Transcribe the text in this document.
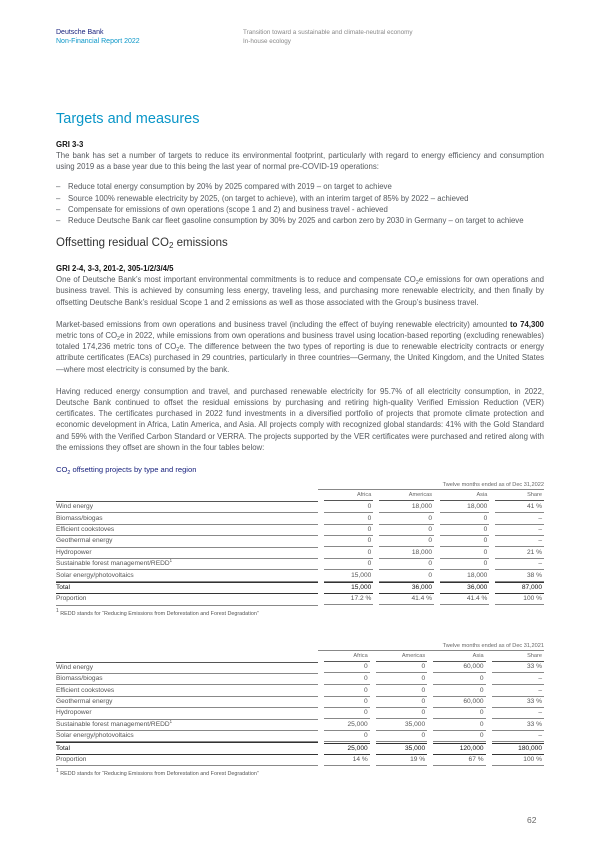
Deutsche Bank
Non-Financial Report 2022
Transition toward a sustainable and climate-neutral economy
In-house ecology
Targets and measures
GRI 3-3

The bank has set a number of targets to reduce its environmental footprint, particularly with regard to energy efficiency and consumption using 2019 as a base year due to this being the last year of normal pre-COVID-19 operations:

– Reduce total energy consumption by 20% by 2025 compared with 2019 – on target to achieve
– Source 100% renewable electricity by 2025, (on target to achieve), with an interim target of 85% by 2022 – achieved
– Compensate for emissions of own operations (scope 1 and 2) and business travel - achieved
– Reduce Deutsche Bank car fleet gasoline consumption by 30% by 2025 and carbon zero by 2030 in Germany – on target to achieve
Offsetting residual $CO_2$ emissions
GRI 2-4, 3-3, 201-2, 305-1/2/3/4/5

One of Deutsche Bank’s most important environmental commitments is to reduce and compensate $CO_2e$ emissions for own operations and business travel. This is achieved by consuming less energy, traveling less, and purchasing more renewable electricity, and then finally by offsetting Deutsche Bank’s residual Scope 1 and 2 emissions as well as those associated with the Group’s business travel.

Market-based emissions from own operations and business travel (including the effect of buying renewable electricity) amounted to 74,300 metric tons of $CO_2e$ in 2022, while emissions from own operations and business travel using location-based reporting (excluding renewables) totaled 174,236 metric tons of $CO_2e$. The difference between the two types of reporting is due to renewable electricity contracts or energy attribute certificates (EACs) purchased in 29 countries, particularly in three countries—Germany, the United Kingdom, and the United States—where most electricity is consumed by the bank.

Having reduced energy consumption and travel, and purchased renewable electricity for 95.7% of all electricity consumption, in 2022, Deutsche Bank continued to offset the residual emissions by purchasing and retiring high-quality Verified Emission Reduction (VER) certificates. The certificates purchased in 2022 fund investments in a diversified portfolio of projects that promote climate protection and economic development in Africa, Latin America, and Asia. All projects comply with recognized global standards: 41% with the Gold Standard and 59% with the Verified Carbon Standard or VERRA. The projects supported by the VER certificates were purchased and retired along with the emissions they offset are shown in the four tables below:

$CO_2$ offsetting projects by type and region
Twelve months ended as of Dec 31,2022

	Africa	Americas	Asia	Share

Wind energy	0	18,000	18,000	41 %

Biomass/biogas	0	0	0	–

Efficient cookstoves	0	0	0	–

Geothermal energy	0	0	0	–

Hydropower	0	18,000	0	21 %

Sustainable forest management/REDD$^1$	0	0	0	–

Solar energy/photovoltaics	15,000	0	18,000	38 %

Total	15,000	36,000	36,000	87,000

Proportion	17.2 %	41.4 %	41.4 %	100 %
$^1$ REDD stands for “Reducing Emissions from Deforestation and Forest Degradation”
Twelve months ended as of Dec 31,2021

	Africa	Americas	Asia	Share

Wind energy	0	0	60,000	33 %

Biomass/biogas	0	0	0	–

Efficient cookstoves	0	0	0	–

Geothermal energy	0	0	60,000	33 %

Hydropower	0	0	0	–

Sustainable forest management/REDD$^1$	25,000	35,000	0	33 %

Solar energy/photovoltaics	0	0	0	–

Total	25,000	35,000	120,000	180,000

Proportion	14 %	19 %	67 %	100 %
$^1$ REDD stands for “Reducing Emissions from Deforestation and Forest Degradation”
62
